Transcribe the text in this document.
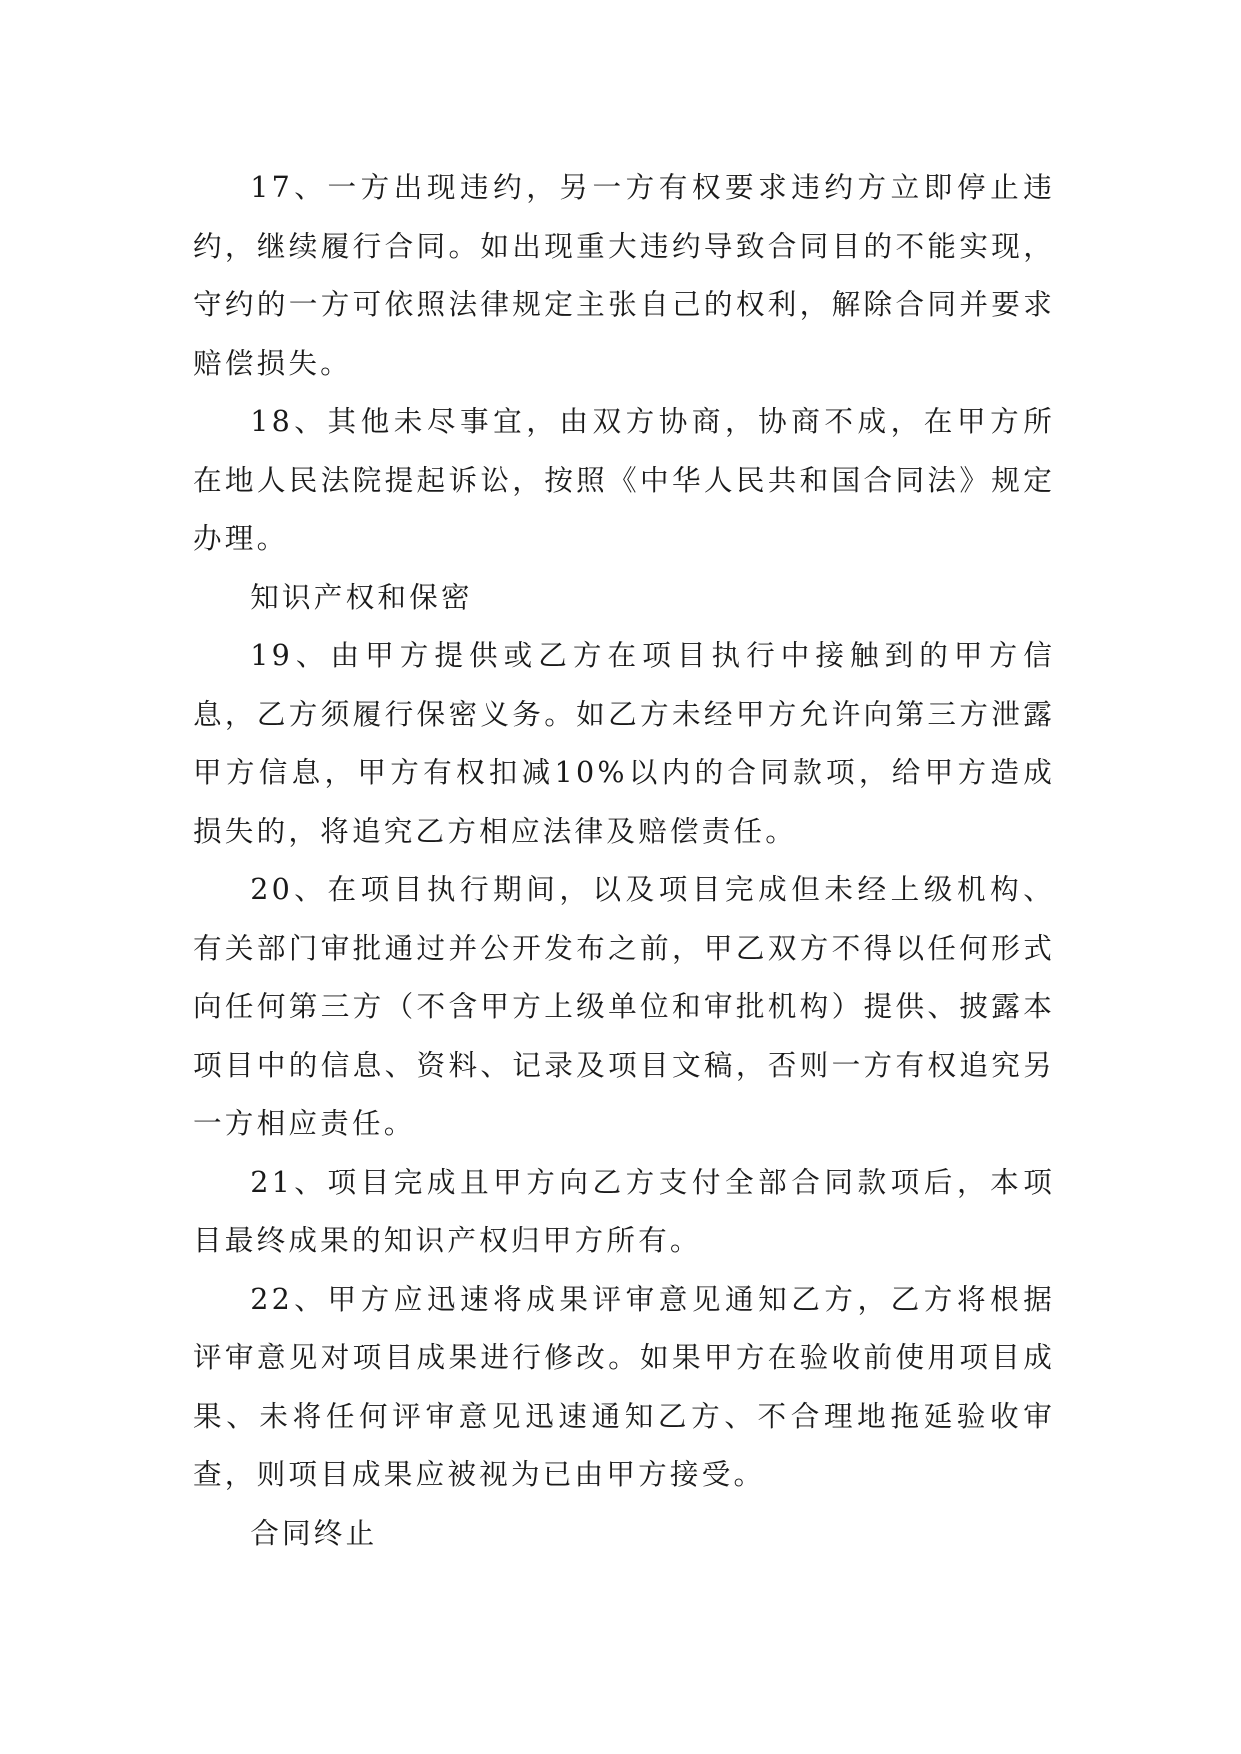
17、一方出现违约，另一方有权要求违约方立即停止违约，继续履行合同。如出现重大违约导致合同目的不能实现，守约的一方可依照法律规定主张自己的权利，解除合同并要求赔偿损失。

18、其他未尽事宜，由双方协商，协商不成，在甲方所在地人民法院提起诉讼，按照《中华人民共和国合同法》规定办理。

知识产权和保密

19、由甲方提供或乙方在项目执行中接触到的甲方信息，乙方须履行保密义务。如乙方未经甲方允许向第三方泄露甲方信息，甲方有权扣减10%以内的合同款项，给甲方造成损失的，将追究乙方相应法律及赔偿责任。

20、在项目执行期间，以及项目完成但未经上级机构、有关部门审批通过并公开发布之前，甲乙双方不得以任何形式向任何第三方（不含甲方上级单位和审批机构）提供、披露本项目中的信息、资料、记录及项目文稿，否则一方有权追究另一方相应责任。

21、项目完成且甲方向乙方支付全部合同款项后，本项目最终成果的知识产权归甲方所有。

22、甲方应迅速将成果评审意见通知乙方，乙方将根据评审意见对项目成果进行修改。如果甲方在验收前使用项目成果、未将任何评审意见迅速通知乙方、不合理地拖延验收审查，则项目成果应被视为已由甲方接受。

合同终止
